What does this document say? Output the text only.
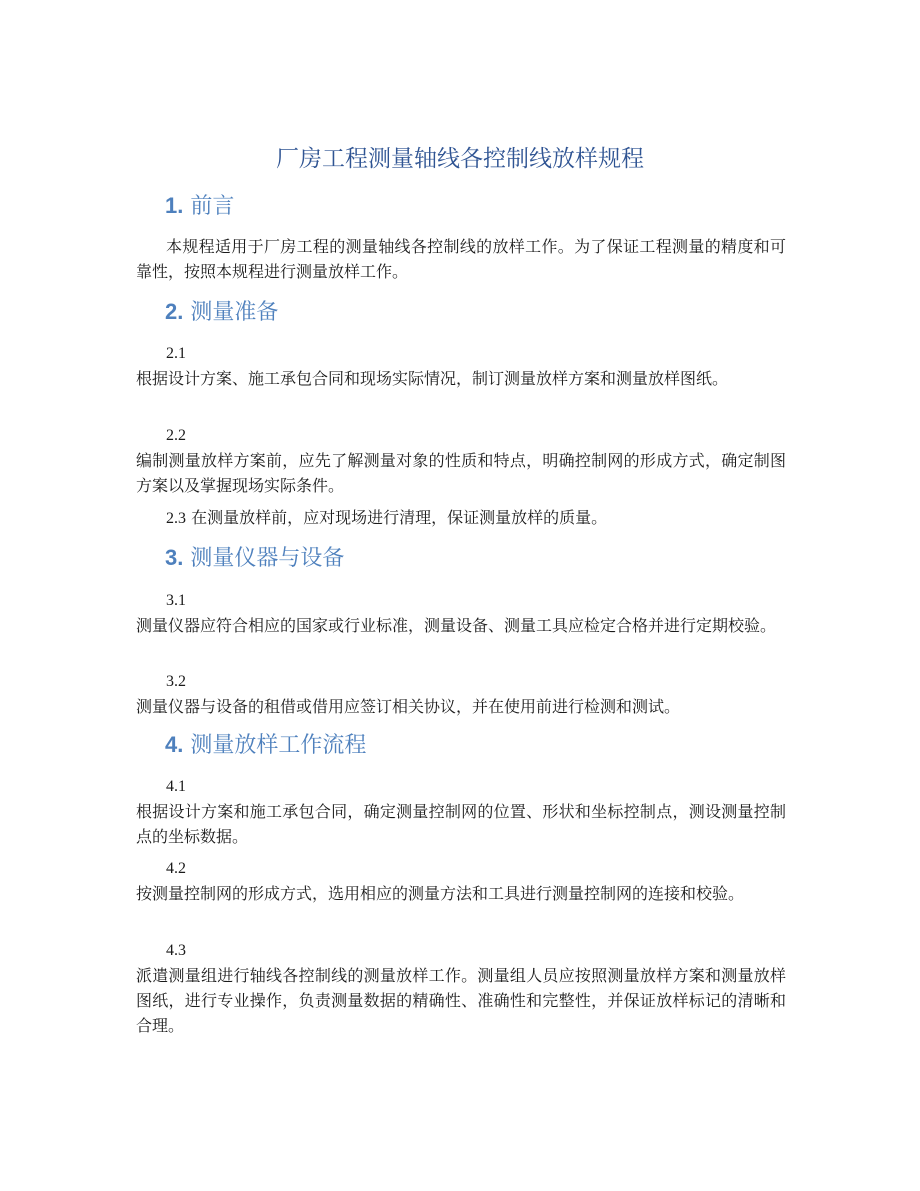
厂房工程测量轴线各控制线放样规程
1. 前言

本规程适用于厂房工程的测量轴线各控制线的放样工作。为了保证工程测量的精度和可靠性，按照本规程进行测量放样工作。

2. 测量准备
2.1
根据设计方案、施工承包合同和现场实际情况，制订测量放样方案和测量放样图纸。
2.2
编制测量放样方案前，应先了解测量对象的性质和特点，明确控制网的形成方式，确定制图方案以及掌握现场实际条件。
2.3 在测量放样前，应对现场进行清理，保证测量放样的质量。
3. 测量仪器与设备
3.1
测量仪器应符合相应的国家或行业标准，测量设备、测量工具应检定合格并进行定期校验。
3.2
测量仪器与设备的租借或借用应签订相关协议，并在使用前进行检测和测试。
4. 测量放样工作流程
4.1
根据设计方案和施工承包合同，确定测量控制网的位置、形状和坐标控制点，测设测量控制点的坐标数据。
4.2
按测量控制网的形成方式，选用相应的测量方法和工具进行测量控制网的连接和校验。
4.3
派遣测量组进行轴线各控制线的测量放样工作。测量组人员应按照测量放样方案和测量放样图纸，进行专业操作，负责测量数据的精确性、准确性和完整性，并保证放样标记的清晰和合理。
